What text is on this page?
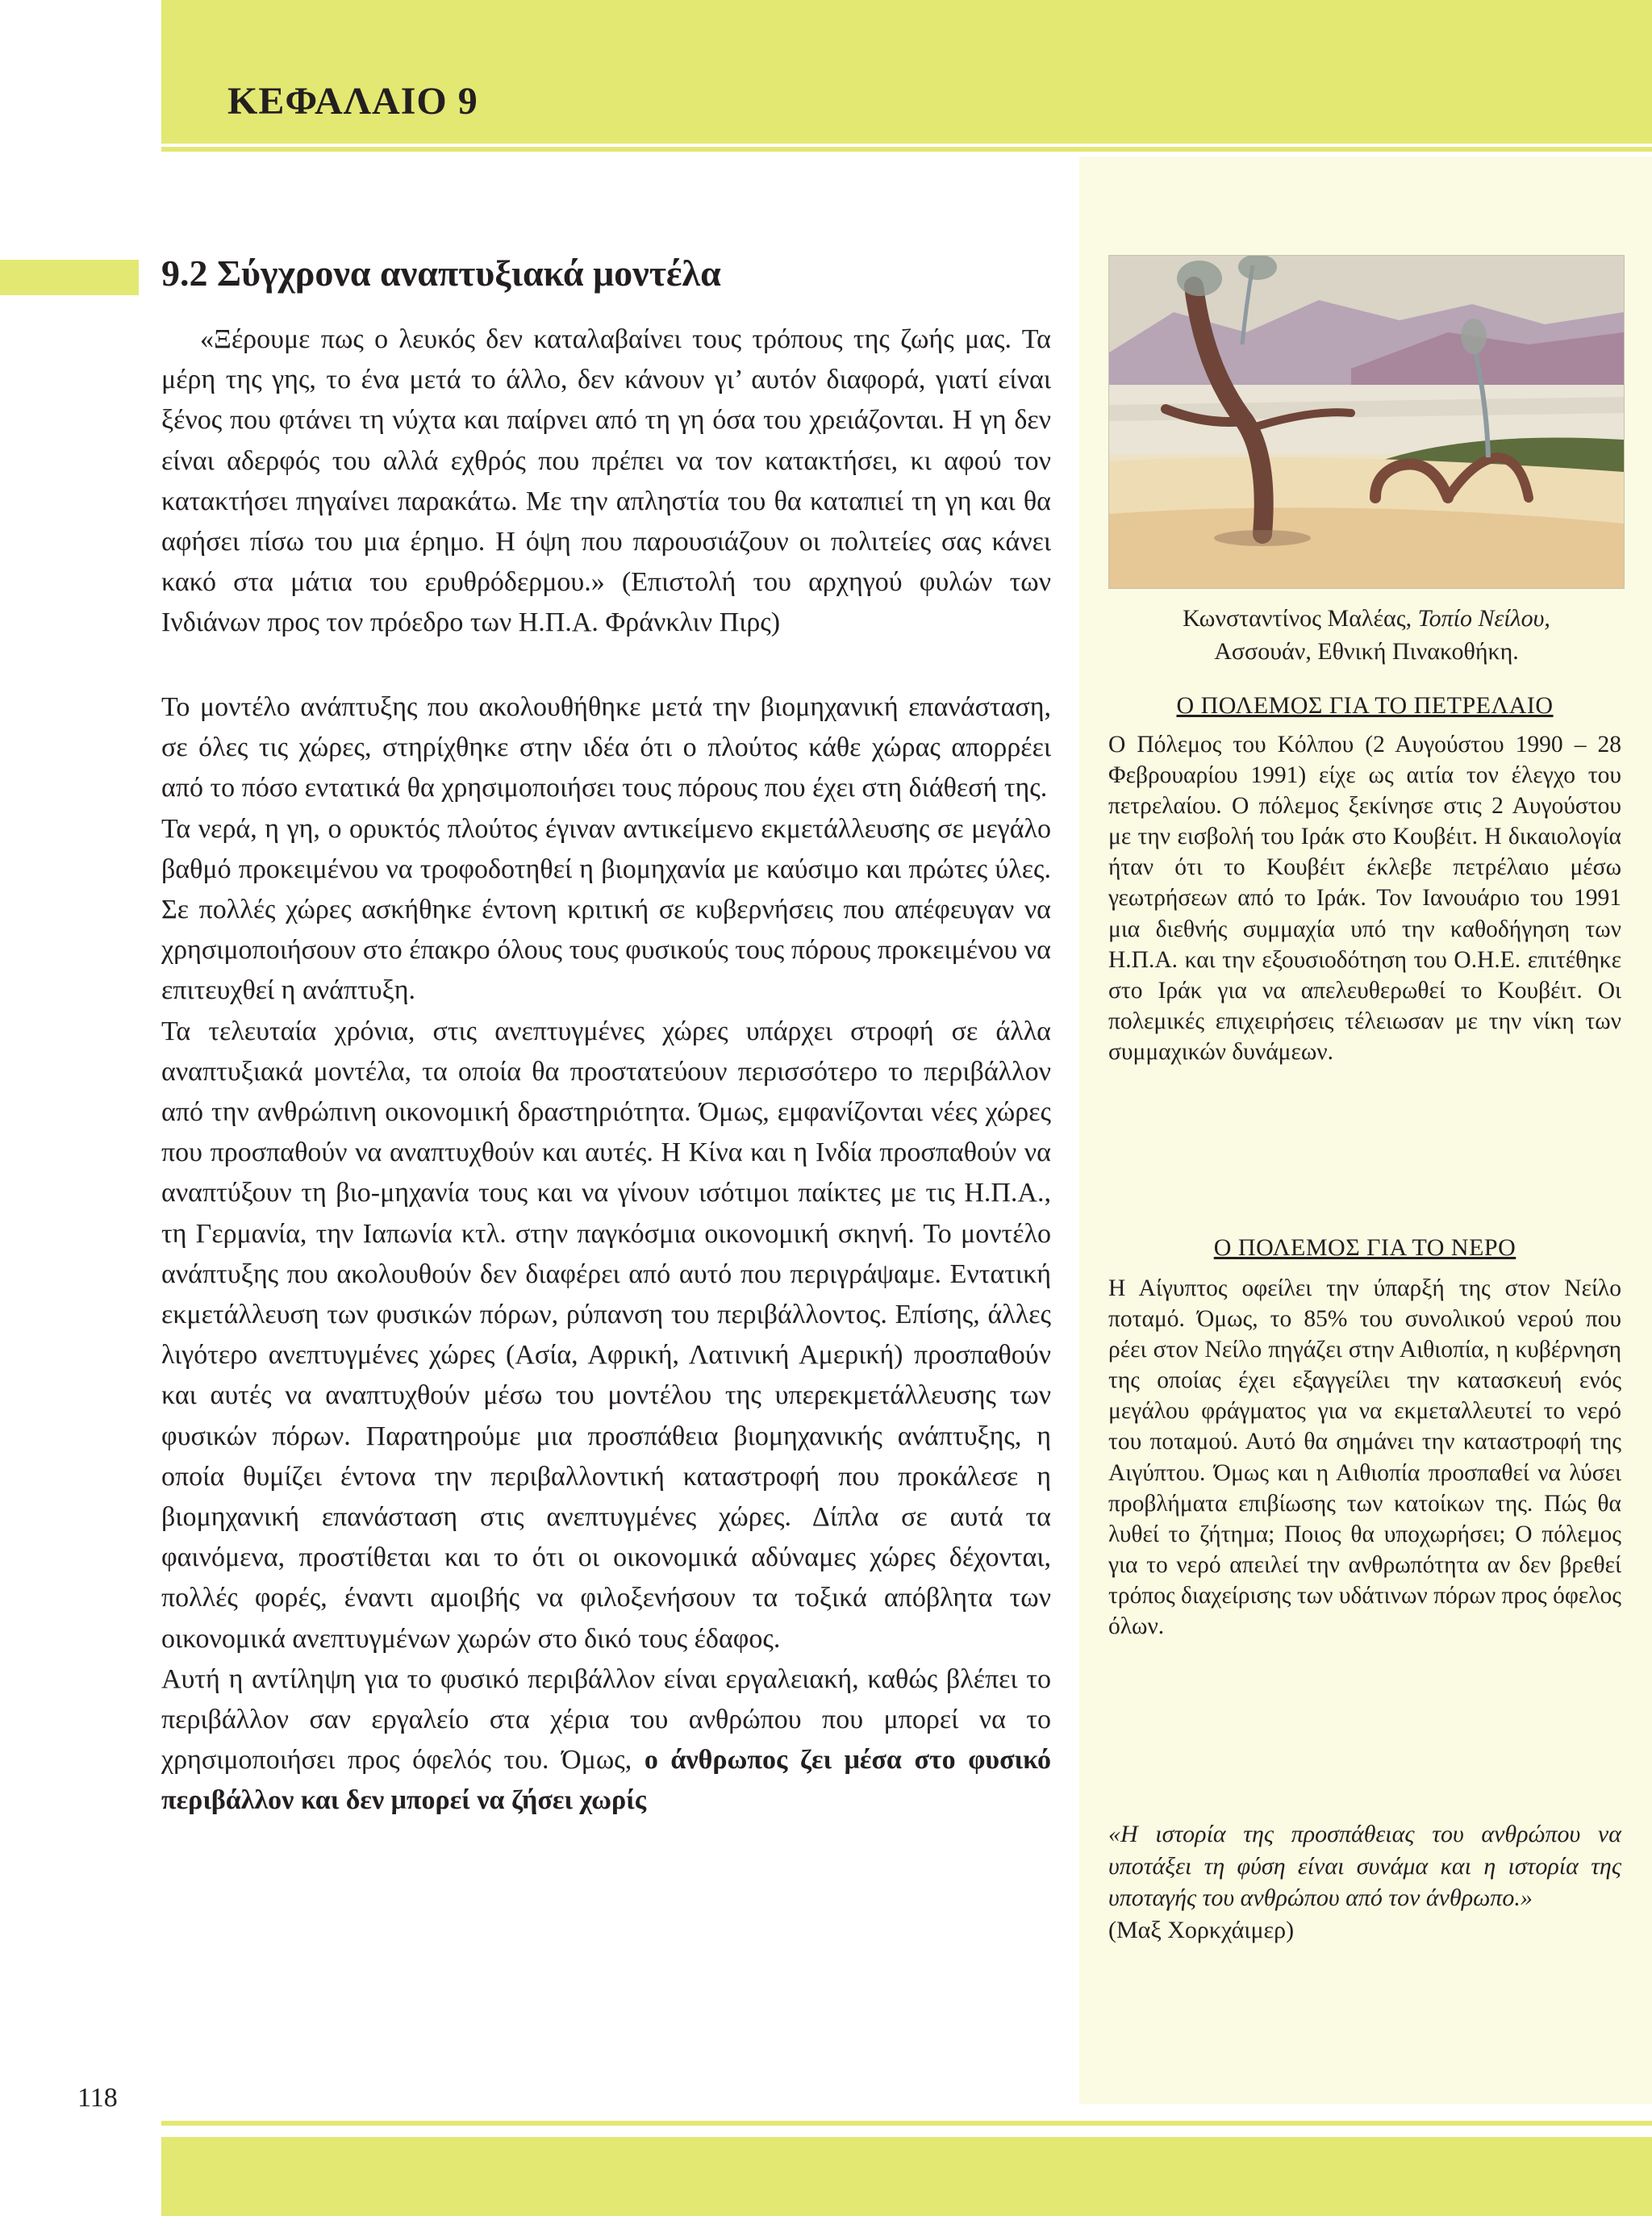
ΚΕΦΑΛΑΙΟ 9
9.2 Σύγχρονα αναπτυξιακά μοντέλα
«Ξέρουμε πως ο λευκός δεν καταλαβαίνει τους τρόπους της ζωής μας. Τα μέρη της γης, το ένα μετά το άλλο, δεν κάνουν γι’ αυτόν διαφορά, γιατί είναι ξένος που φτάνει τη νύχτα και παίρνει από τη γη όσα του χρειάζονται. Η γη δεν είναι αδερφός του αλλά εχθρός που πρέπει να τον κατακτήσει, κι αφού τον κατακτήσει πηγαίνει παρακάτω. Με την απληστία του θα καταπιεί τη γη και θα αφήσει πίσω του μια έρημο. Η όψη που παρουσιάζουν οι πολιτείες σας κάνει κακό στα μάτια του ερυθρόδερμου.» (Επιστολή του αρχηγού φυλών των Ινδιάνων προς τον πρόεδρο των Η.Π.Α. Φράνκλιν Πιρς)

Το μοντέλο ανάπτυξης που ακολουθήθηκε μετά την βιομηχανική επανάσταση, σε όλες τις χώρες, στηρίχθηκε στην ιδέα ότι ο πλούτος κάθε χώρας απορρέει από το πόσο εντατικά θα χρησιμοποιήσει τους πόρους που έχει στη διάθεσή της.

Τα νερά, η γη, ο ορυκτός πλούτος έγιναν αντικείμενο εκμετάλλευσης σε μεγάλο βαθμό προκειμένου να τροφοδοτηθεί η βιομηχανία με καύσιμο και πρώτες ύλες. Σε πολλές χώρες ασκήθηκε έντονη κριτική σε κυβερνήσεις που απέφευγαν να χρησιμοποιήσουν στο έπακρο όλους τους φυσικούς τους πόρους προκειμένου να επιτευχθεί η ανάπτυξη.

Τα τελευταία χρόνια, στις ανεπτυγμένες χώρες υπάρχει στροφή σε άλλα αναπτυξιακά μοντέλα, τα οποία θα προστατεύουν περισσότερο το περιβάλλον από την ανθρώπινη οικονομική δραστηριότητα. Όμως, εμφανίζονται νέες χώρες που προσπαθούν να αναπτυχθούν και αυτές. Η Κίνα και η Ινδία προσπαθούν να αναπτύξουν τη βιο-μηχανία τους και να γίνουν ισότιμοι παίκτες με τις Η.Π.Α., τη Γερμανία, την Ιαπωνία κτλ. στην παγκόσμια οικονομική σκηνή. Το μοντέλο ανάπτυξης που ακολουθούν δεν διαφέρει από αυτό που περιγράψαμε. Εντατική εκμετάλλευση των φυσικών πόρων, ρύπανση του περιβάλλοντος. Επίσης, άλλες λιγότερο ανεπτυγμένες χώρες (Ασία, Αφρική, Λατινική Αμερική) προσπαθούν και αυτές να αναπτυχθούν μέσω του μοντέλου της υπερεκμετάλλευσης των φυσικών πόρων. Παρατηρούμε μια προσπάθεια βιομηχανικής ανάπτυξης, η οποία θυμίζει έντονα την περιβαλλοντική καταστροφή που προκάλεσε η βιομηχανική επανάσταση στις ανεπτυγμένες χώρες. Δίπλα σε αυτά τα φαινόμενα, προστίθεται και το ότι οι οικονομικά αδύναμες χώρες δέχονται, πολλές φορές, έναντι αμοιβής να φιλοξενήσουν τα τοξικά απόβλητα των οικονομικά ανεπτυγμένων χωρών στο δικό τους έδαφος.

Αυτή η αντίληψη για το φυσικό περιβάλλον είναι εργαλειακή, καθώς βλέπει το περιβάλλον σαν εργαλείο στα χέρια του ανθρώπου που μπορεί να το χρησιμοποιήσει προς όφελός του. Όμως, ο άνθρωπος ζει μέσα στο φυσικό περιβάλλον και δεν μπορεί να ζήσει χωρίς

Κωνσταντίνος Μαλέας, Τοπίο Νείλου,
Ασσουάν, Εθνική Πινακοθήκη.
Ο ΠΟΛΕΜΟΣ ΓΙΑ ΤΟ ΠΕΤΡΕΛΑΙΟ
Ο Πόλεμος του Κόλπου (2 Αυγούστου 1990 – 28 Φεβρουαρίου 1991) είχε ως αιτία τον έλεγχο του πετρελαίου. Ο πόλεμος ξεκίνησε στις 2 Αυγούστου με την εισβολή του Ιράκ στο Κουβέιτ. Η δικαιολογία ήταν ότι το Κουβέιτ έκλεβε πετρέλαιο μέσω γεωτρήσεων από το Ιράκ. Τον Ιανουάριο του 1991 μια διεθνής συμμαχία υπό την καθοδήγηση των Η.Π.Α. και την εξουσιοδότηση του Ο.Η.Ε. επιτέθηκε στο Ιράκ για να απελευθερωθεί το Κουβέιτ. Οι πολεμικές επιχειρήσεις τέλειωσαν με την νίκη των συμμαχικών δυνάμεων.
Ο ΠΟΛΕΜΟΣ ΓΙΑ ΤΟ ΝΕΡΟ
Η Αίγυπτος οφείλει την ύπαρξή της στον Νείλο ποταμό. Όμως, το 85% του συνολικού νερού που ρέει στον Νείλο πηγάζει στην Αιθιοπία, η κυβέρνηση της οποίας έχει εξαγγείλει την κατασκευή ενός μεγάλου φράγματος για να εκμεταλλευτεί το νερό του ποταμού. Αυτό θα σημάνει την καταστροφή της Αιγύπτου. Όμως και η Αιθιοπία προσπαθεί να λύσει προβλήματα επιβίωσης των κατοίκων της. Πώς θα λυθεί το ζήτημα; Ποιος θα υποχωρήσει; Ο πόλεμος για το νερό απειλεί την ανθρωπότητα αν δεν βρεθεί τρόπος διαχείρισης των υδάτινων πόρων προς όφελος όλων.
«Η ιστορία της προσπάθειας του ανθρώπου να υποτάξει τη φύση είναι συνάμα και η ιστορία της υποταγής του ανθρώπου από τον άνθρωπο.»
(Μαξ Χορκχάιμερ)
118
